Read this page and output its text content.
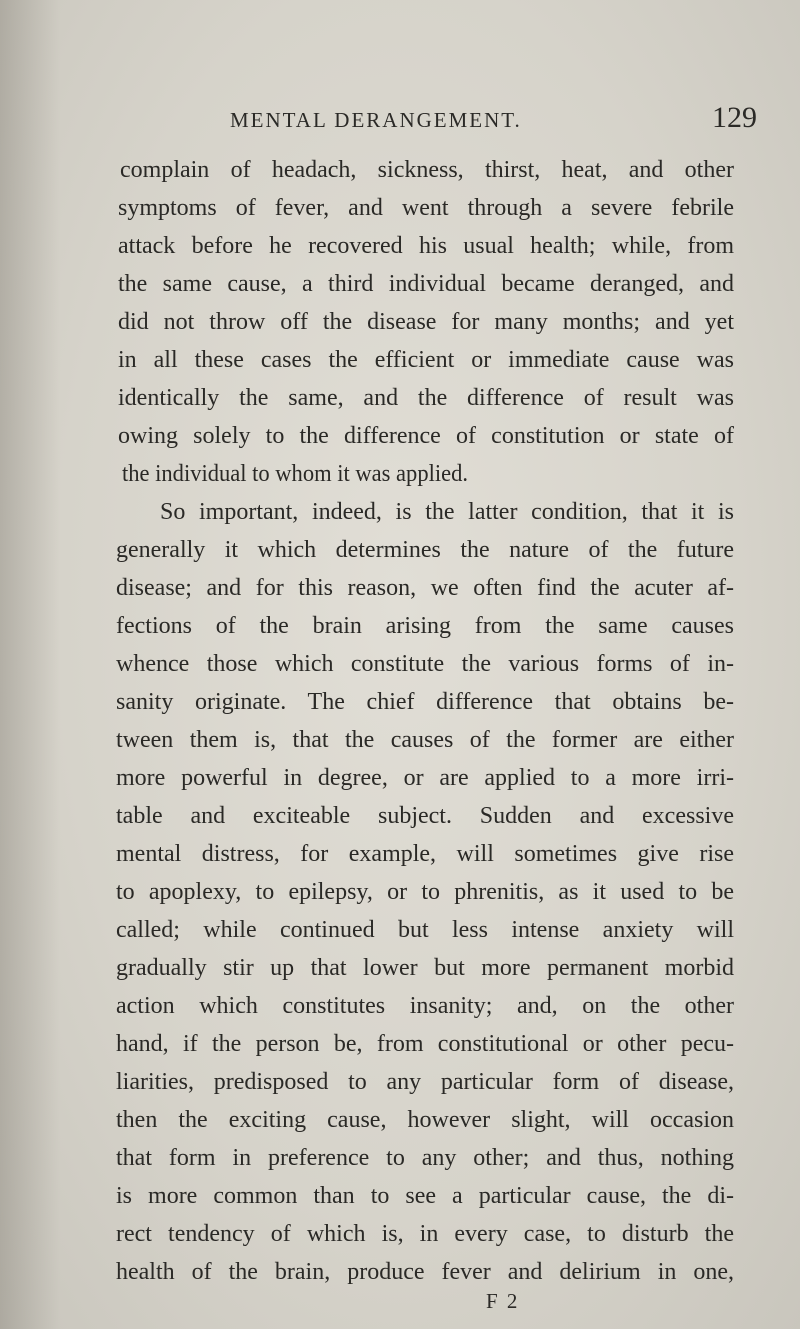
MENTAL DERANGEMENT.	129
complain of headach, sickness, thirst, heat, and other
symptoms of fever, and went through a severe febrile
attack before he recovered his usual health; while, from
the same cause, a third individual became deranged, and
did not throw off the disease for many months; and yet
in all these cases the efficient or immediate cause was
identically the same, and the difference of result was
owing solely to the difference of constitution or state of
the individual to whom it was applied.
So important, indeed, is the latter condition, that it is
generally it which determines the nature of the future
disease; and for this reason, we often find the acuter af-
fections of the brain arising from the same causes
whence those which constitute the various forms of in-
sanity originate. The chief difference that obtains be-
tween them is, that the causes of the former are either
more powerful in degree, or are applied to a more irri-
table and exciteable subject. Sudden and excessive
mental distress, for example, will sometimes give rise
to apoplexy, to epilepsy, or to phrenitis, as it used to be
called; while continued but less intense anxiety will
gradually stir up that lower but more permanent morbid
action which constitutes insanity; and, on the other
hand, if the person be, from constitutional or other pecu-
liarities, predisposed to any particular form of disease,
then the exciting cause, however slight, will occasion
that form in preference to any other; and thus, nothing
is more common than to see a particular cause, the di-
rect tendency of which is, in every case, to disturb the
health of the brain, produce fever and delirium in one,
F 2
